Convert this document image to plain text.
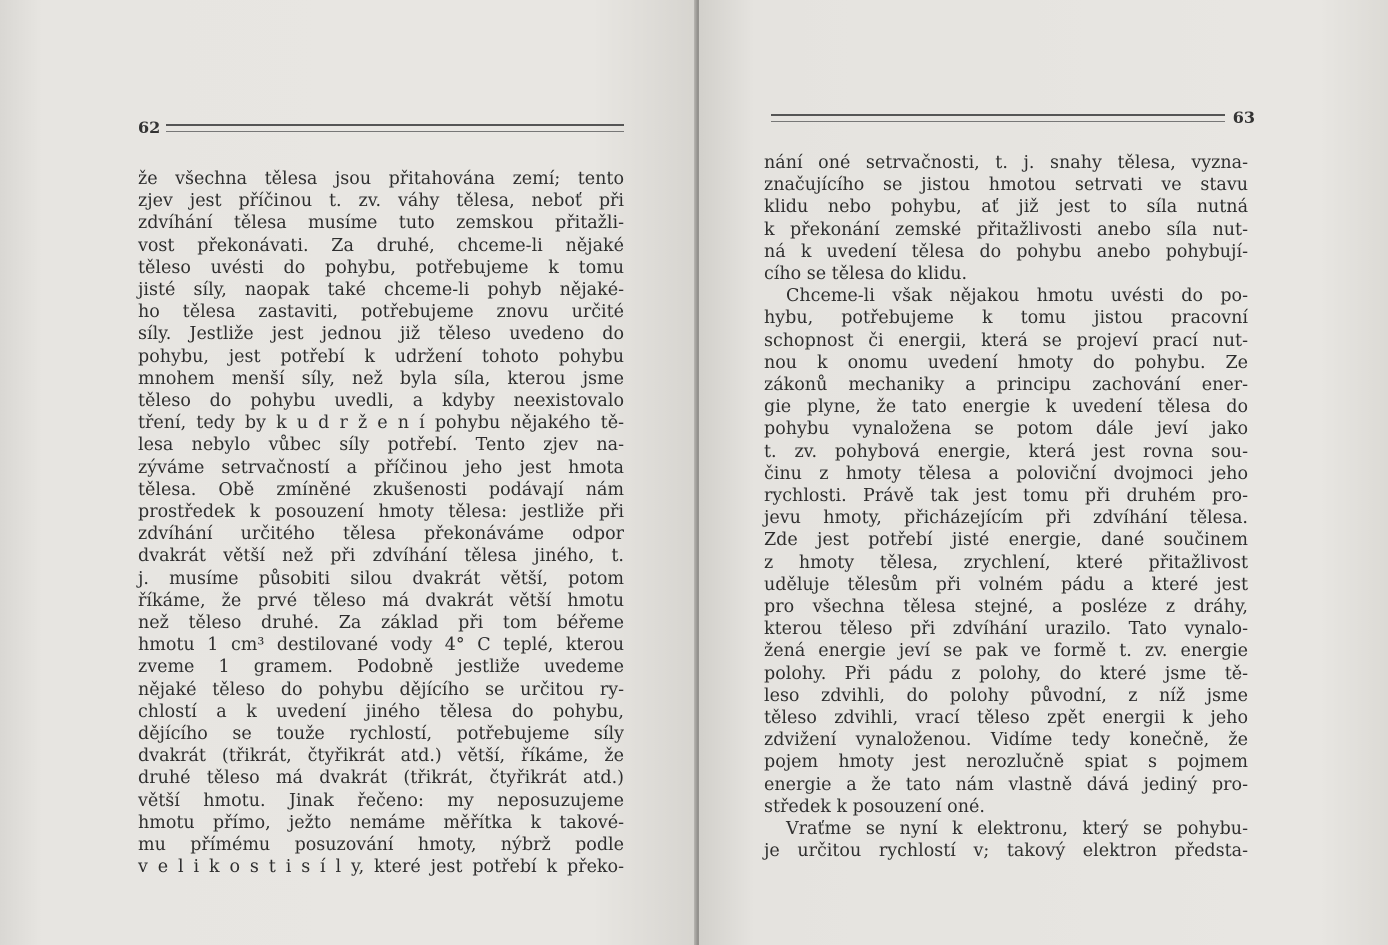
62
že všechna tělesa jsou přitahována zemí; tento
zjev jest příčinou t. zv. váhy tělesa, neboť při
zdvíhání tělesa musíme tuto zemskou přitažli-
vost překonávati. Za druhé, chceme-li nějaké
těleso uvésti do pohybu, potřebujeme k tomu
jisté síly, naopak také chceme-li pohyb nějaké-
ho tělesa zastaviti, potřebujeme znovu určité
síly. Jestliže jest jednou již těleso uvedeno do
pohybu, jest potřebí k udržení tohoto pohybu
mnohem menší síly, než byla síla, kterou jsme
těleso do pohybu uvedli, a kdyby neexistovalo
tření, tedy by k u d r ž e n í pohybu nějakého tě-
lesa nebylo vůbec síly potřebí. Tento zjev na-
zýváme setrvačností a příčinou jeho jest hmota
tělesa. Obě zmíněné zkušenosti podávají nám
prostředek k posouzení hmoty tělesa: jestliže při
zdvíhání určitého tělesa překonáváme odpor
dvakrát větší než při zdvíhání tělesa jiného, t.
j. musíme působiti silou dvakrát větší, potom
říkáme, že prvé těleso má dvakrát větší hmotu
než těleso druhé. Za základ při tom béřeme
hmotu 1 cm³ destilované vody 4° C teplé, kterou
zveme 1 gramem. Podobně jestliže uvedeme
nějaké těleso do pohybu dějícího se určitou ry-
chlostí a k uvedení jiného tělesa do pohybu,
dějícího se touže rychlostí, potřebujeme síly
dvakrát (třikrát, čtyřikrát atd.) větší, říkáme, že
druhé těleso má dvakrát (třikrát, čtyřikrát atd.)
větší hmotu. Jinak řečeno: my neposuzujeme
hmotu přímo, ježto nemáme měřítka k takové-
mu přímému posuzování hmoty, nýbrž podle
v e l i k o s t i s í l y, které jest potřebí k překo-
63
nání oné setrvačnosti, t. j. snahy tělesa, vyzna-
značujícího se jistou hmotou setrvati ve stavu
klidu nebo pohybu, ať již jest to síla nutná
k překonání zemské přitažlivosti anebo síla nut-
ná k uvedení tělesa do pohybu anebo pohybují-
cího se tělesa do klidu.
Chceme-li však nějakou hmotu uvésti do po-
hybu, potřebujeme k tomu jistou pracovní
schopnost či energii, která se projeví prací nut-
nou k onomu uvedení hmoty do pohybu. Ze
zákonů mechaniky a principu zachování ener-
gie plyne, že tato energie k uvedení tělesa do
pohybu vynaložena se potom dále jeví jako
t. zv. pohybová energie, která jest rovna sou-
činu z hmoty tělesa a poloviční dvojmoci jeho
rychlosti. Právě tak jest tomu při druhém pro-
jevu hmoty, přicházejícím při zdvíhání tělesa.
Zde jest potřebí jisté energie, dané součinem
z hmoty tělesa, zrychlení, které přitažlivost
uděluje tělesům při volném pádu a které jest
pro všechna tělesa stejné, a posléze z dráhy,
kterou těleso při zdvíhání urazilo. Tato vynalo-
žená energie jeví se pak ve formě t. zv. energie
polohy. Při pádu z polohy, do které jsme tě-
leso zdvihli, do polohy původní, z níž jsme
těleso zdvihli, vrací těleso zpět energii k jeho
zdvižení vynaloženou. Vidíme tedy konečně, že
pojem hmoty jest nerozlučně spiat s pojmem
energie a že tato nám vlastně dává jediný pro-
středek k posouzení oné.
Vraťme se nyní k elektronu, který se pohybu-
je určitou rychlostí v; takový elektron předsta-
